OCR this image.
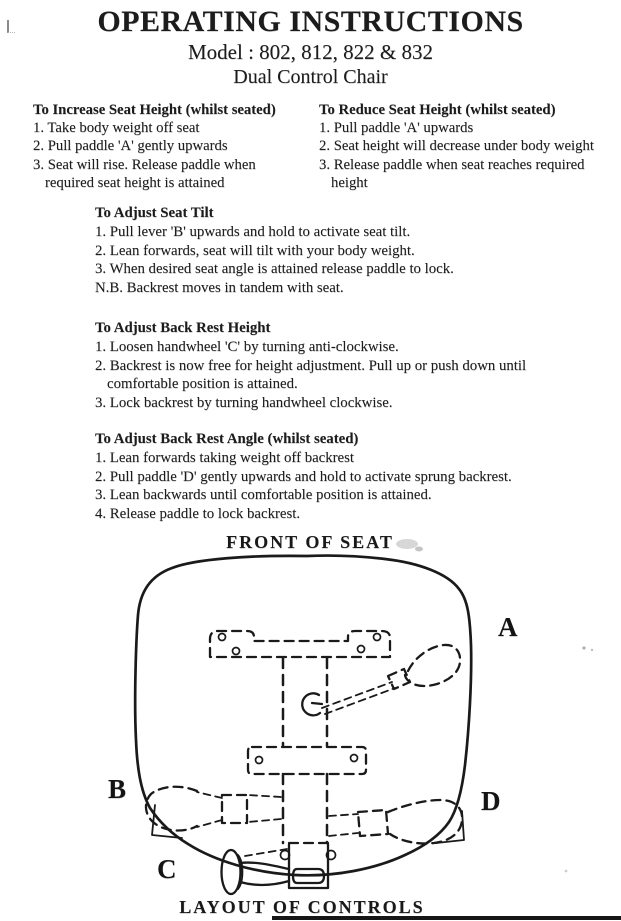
OPERATING INSTRUCTIONS
Model : 802, 812, 822 & 832
Dual Control Chair
To Increase Seat Height (whilst seated)
1. Take body weight off seat
2. Pull paddle 'A' gently upwards
3. Seat will rise. Release paddle when
required seat height is attained
To Reduce Seat Height (whilst seated)
1. Pull paddle 'A' upwards
2. Seat height will decrease under body weight
3. Release paddle when seat reaches required
height
To Adjust Seat Tilt
1. Pull lever 'B' upwards and hold to activate seat tilt.
2. Lean forwards, seat will tilt with your body weight.
3. When desired seat angle is attained release paddle to lock.
N.B. Backrest moves in tandem with seat.
To Adjust Back Rest Height
1. Loosen handwheel 'C' by turning anti-clockwise.
2. Backrest is now free for height adjustment. Pull up or push down until
comfortable position is attained.
3. Lock backrest by turning handwheel clockwise.
To Adjust Back Rest Angle (whilst seated)
1. Lean forwards taking weight off backrest
2. Pull paddle 'D' gently upwards and hold to activate sprung backrest.
3. Lean backwards until comfortable position is attained.
4. Release paddle to lock backrest.
FRONT OF SEAT
LAYOUT OF CONTROLS
A
B
C
D
